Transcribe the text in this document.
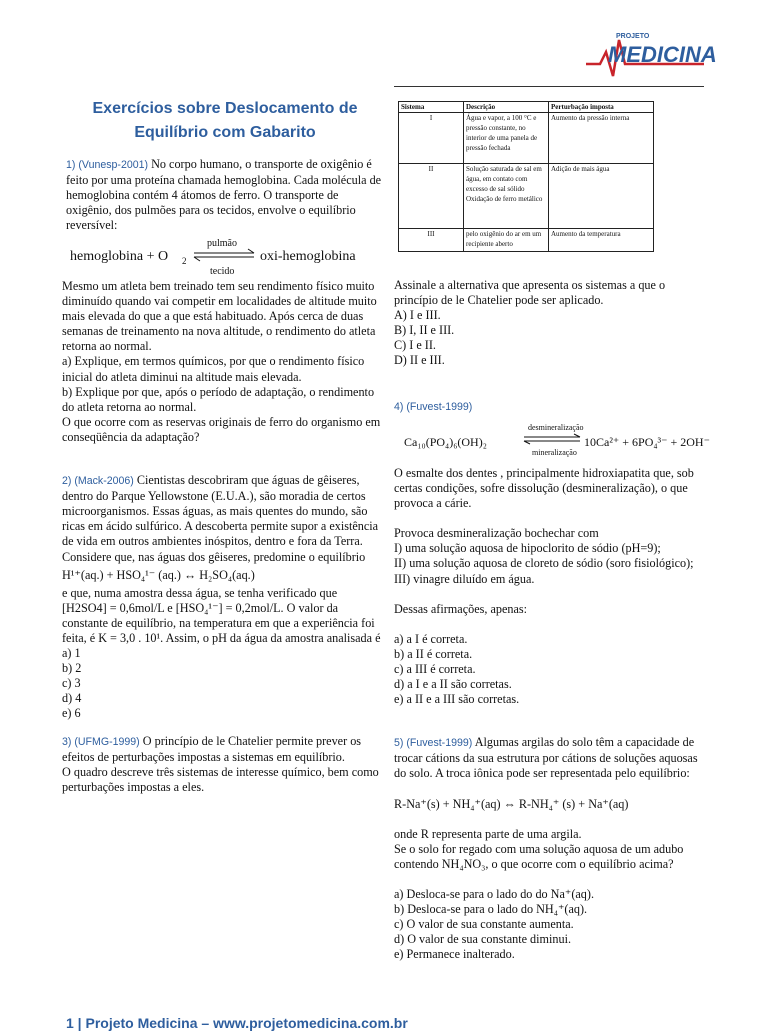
PROJETO
MEDICINA
Exercícios sobre Deslocamento de
Equilíbrio com Gabarito

1) (Vunesp-2001) No corpo humano, o transporte de oxigênio é feito por uma proteína chamada hemoglobina. Cada molécula de hemoglobina contém 4 átomos de ferro. O transporte de oxigênio, dos pulmões para os tecidos, envolve o equilíbrio reversível:

hemoglobina + O 2
pulmão
tecido
oxi-hemoglobina

Mesmo um atleta bem treinado tem seu rendimento físico muito diminuído quando vai competir em localidades de altitude muito mais elevada do que a que está habituado. Após cerca de duas semanas de treinamento na nova altitude, o rendimento do atleta retorna ao normal.

a) Explique, em termos químicos, por que o rendimento físico inicial do atleta diminui na altitude mais elevada.

b) Explique por que, após o período de adaptação, o rendimento do atleta retorna ao normal.

O que ocorre com as reservas originais de ferro do organismo em conseqüência da adaptação?

2) (Mack-2006) Cientistas descobriram que águas de gêiseres, dentro do Parque Yellowstone (E.U.A.), são moradia de certos microorganismos. Essas águas, as mais quentes do mundo, são ricas em ácido sulfúrico. A descoberta permite supor a existência de vida em outros ambientes inóspitos, dentro e fora da Terra.

Considere que, nas águas dos gêiseres, predomine o equilíbrio

H¹⁺(aq.) + HSO₄¹⁻ (aq.) ↔ H₂SO₄(aq.)

e que, numa amostra dessa água, se tenha verificado que [H2SO4] = 0,6mol/L e [HSO₄¹⁻] = 0,2mol/L. O valor da constante de equilíbrio, na temperatura em que a experiência foi feita, é K = 3,0 . 10¹. Assim, o pH da água da amostra analisada é

a) 1

b) 2

c) 3

d) 4

e) 6

3) (UFMG-1999) O princípio de le Chatelier permite prever os efeitos de perturbações impostas a sistemas em equilíbrio.

O quadro descreve três sistemas de interesse químico, bem como perturbações impostas a eles.

Sistema	Descrição	Perturbação imposta
I	Água e vapor, a 100 °C e pressão constante, no interior de uma panela de pressão fechada	Aumento da pressão interna
II	Solução saturada de sal em água, em contato com excesso de sal sólido Oxidação de ferro metálico	Adição de mais água
III	pelo oxigênio do ar em um recipiente aberto	Aumento da temperatura

Assinale a alternativa que apresenta os sistemas a que o princípio de le Chatelier pode ser aplicado.

A) I e III.

B) I, II e III.

C) I e II.

D) II e III.

4) (Fuvest-1999)

Ca₁₀(PO₄)₆(OH)₂
desmineralização
mineralização
10Ca²⁺ + 6PO₄³⁻ + 2OH⁻

O esmalte dos dentes , principalmente hidroxiapatita que, sob certas condições, sofre dissolução (desmineralização), o que provoca a cárie.

Provoca desmineralização bochechar com

I) uma solução aquosa de hipoclorito de sódio (pH=9);

II) uma solução aquosa de cloreto de sódio (soro fisiológico);

III) vinagre diluído em água.

Dessas afirmações, apenas:

a) a I é correta.

b) a II é correta.

c) a III é correta.

d) a I e a II são corretas.

e) a II e a III são corretas.

5) (Fuvest-1999) Algumas argilas do solo têm a capacidade de trocar cátions da sua estrutura por cátions de soluções aquosas do solo. A troca iônica pode ser representada pelo equilíbrio:

R-Na⁺(s) + NH₄⁺(aq) ⇔ R-NH₄⁺ (s) + Na⁺(aq)

onde R representa parte de uma argila.

Se o solo for regado com uma solução aquosa de um adubo contendo NH₄NO₃, o que ocorre com o equilíbrio acima?

a) Desloca-se para o lado do do Na⁺(aq).

b) Desloca-se para o lado do NH₄⁺(aq).

c) O valor de sua constante aumenta.

d) O valor de sua constante diminui.

e) Permanece inalterado.

1 | Projeto Medicina – www.projetomedicina.com.br
